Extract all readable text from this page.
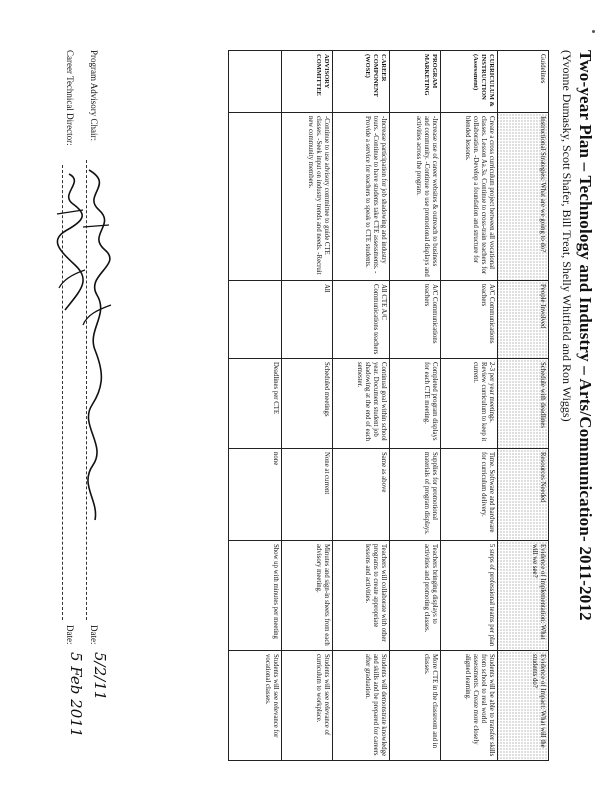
Two-year Plan – Technology and Industry – Arts/Communication- 2011-2012
(Yvonne Dumasky, Scott Shafer, Bill Treat, Shelly Whitfield and Ron Wiggs)
Guidelines	Instructional Strategies: What are we going to do?	People Involved	Schedule with deadlines	Resources Needed	Evidence of Implementation: What will we see?	Evidence of Impact: What will the students do?
CURRICULUM & INSTRUCTION (Assessment)	Create a cross curriculum project between all vocational classes. Lesson Aa.3a. Continue to cross-train teachers for collaboration. -Develop a foundation and structure for blended lessons.	A/C Communications teachers	2-3 per year meetings. Review curriculum to keep it current.	Time. Software and hardware for curriculum delivery.	5 steps of professional teams per plan	Students will be able to transfer skills from school to real world assessments. Create more closely aligned learning.
PROGRAM MARKETING	-Increase use of career websites & outreach to business and community. -Continue to use promotional displays and activities across the program.	A/C Communications teachers	Completed program displays for each CTE meeting.	Supplies for promotional materials of program displays.	Teachers bringing displays to activities and promoting classes.	More CTE in the classroom and in classes.
CAREER COMPONENT (WOSE)	-Increase participation for job shadowing and industry tours. -Continue to have students take CTE assessments. -Provide a service for teachers to speak to CTE students.	All CTE A/C Communications teachers	Continual goal within school year. Document student job shadowing at the end of each semester.	Same as above	Teachers will collaborate with other programs to create appropriate lessons and activities.	Students will demonstrate knowledge and skills and be prepared for careers after graduation.
ADVISORY COMMITTEE	-Continue to use advisory committee to guide CTE classes. -Seek input on industry trends and needs. -Recruit new community members.	All	Scheduled meetings	None at current	Minutes and sign-in sheets from each advisory meeting.	Students will see relevance of curriculum to workplace.
			Deadlines per CTE	none	Show up with minutes per meeting	Students will see relevance for vocational classes.
Program Advisory Chair:
Date:
5/2/11
Career Technical Director:
Date:
5 Feb 2011
